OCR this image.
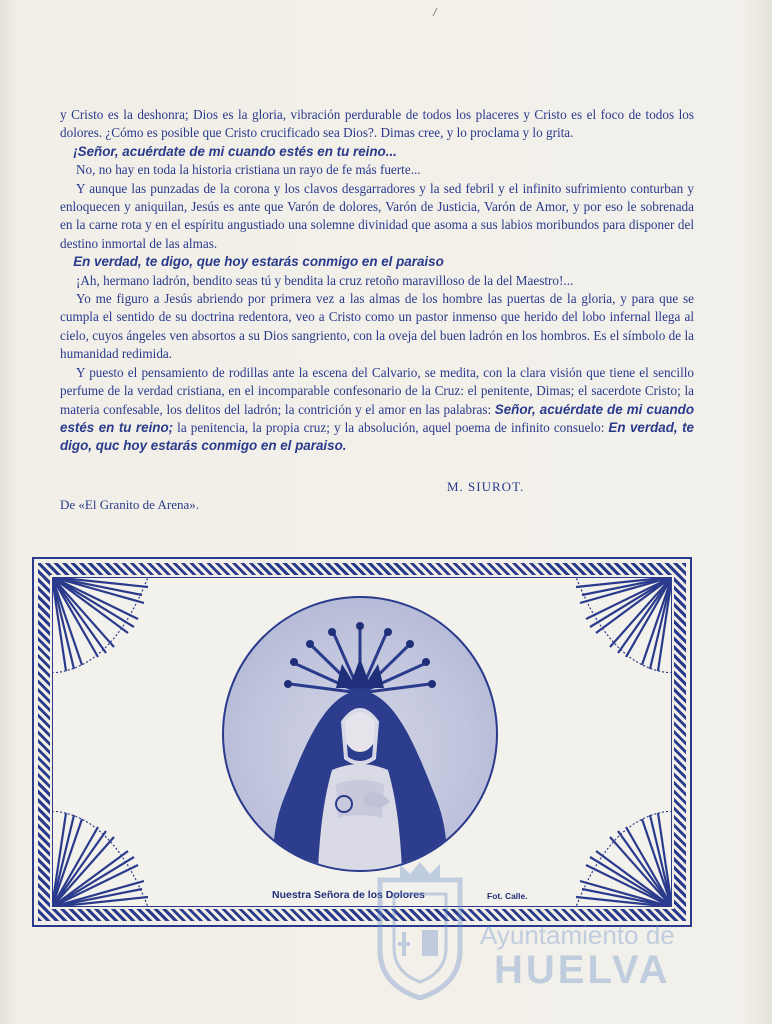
y Cristo es la deshonra; Dios es la gloria, vibración perdurable de todos los placeres y Cristo es el foco de todos los dolores. ¿Cómo es posible que Cristo crucificado sea Dios?. Dimas cree, y lo proclama y lo grita.

¡Señor, acuérdate de mi cuando estés en tu reino...

No, no hay en toda la historia cristiana un rayo de fe más fuerte...

Y aunque las punzadas de la corona y los clavos desgarradores y la sed febril y el infinito sufrimiento conturban y enloquecen y aniquilan, Jesús es ante que Varón de dolores, Varón de Justicia, Varón de Amor, y por eso le sobrenada en la carne rota y en el espíritu angustiado una solemne divinidad que asoma a sus labios moribundos para disponer del destino inmortal de las almas.

En verdad, te digo, que hoy estarás conmigo en el paraiso

¡Ah, hermano ladrón, bendito seas tú y bendita la cruz retoño maravilloso de la del Maestro!...

Yo me figuro a Jesús abriendo por primera vez a las almas de los hombre las puertas de la gloria, y para que se cumpla el sentido de su doctrina redentora, veo a Cristo como un pastor inmenso que herido del lobo infernal llega al cielo, cuyos ángeles ven absortos a su Dios sangriento, con la oveja del buen ladrón en los hombros. Es el símbolo de la humanidad redimida.

Y puesto el pensamiento de rodillas ante la escena del Calvario, se medita, con la clara visión que tiene el sencillo perfume de la verdad cristiana, en el incomparable confesonario de la Cruz: el penitente, Dimas; el sacerdote Cristo; la materia confesable, los delitos del ladrón; la contrición y el amor en las palabras: Señor, acuérdate de mi cuando estés en tu reino; la penitencia, la propia cruz; y la absolución, aquel poema de infinito consuelo: En verdad, te digo, quc hoy estarás conmigo en el paraiso.

M. SIUROT.
De «El Granito de Arena».
Nuestra Señora de los Dolores	Fot. Calle.
Ayuntamiento de
HUELVA
